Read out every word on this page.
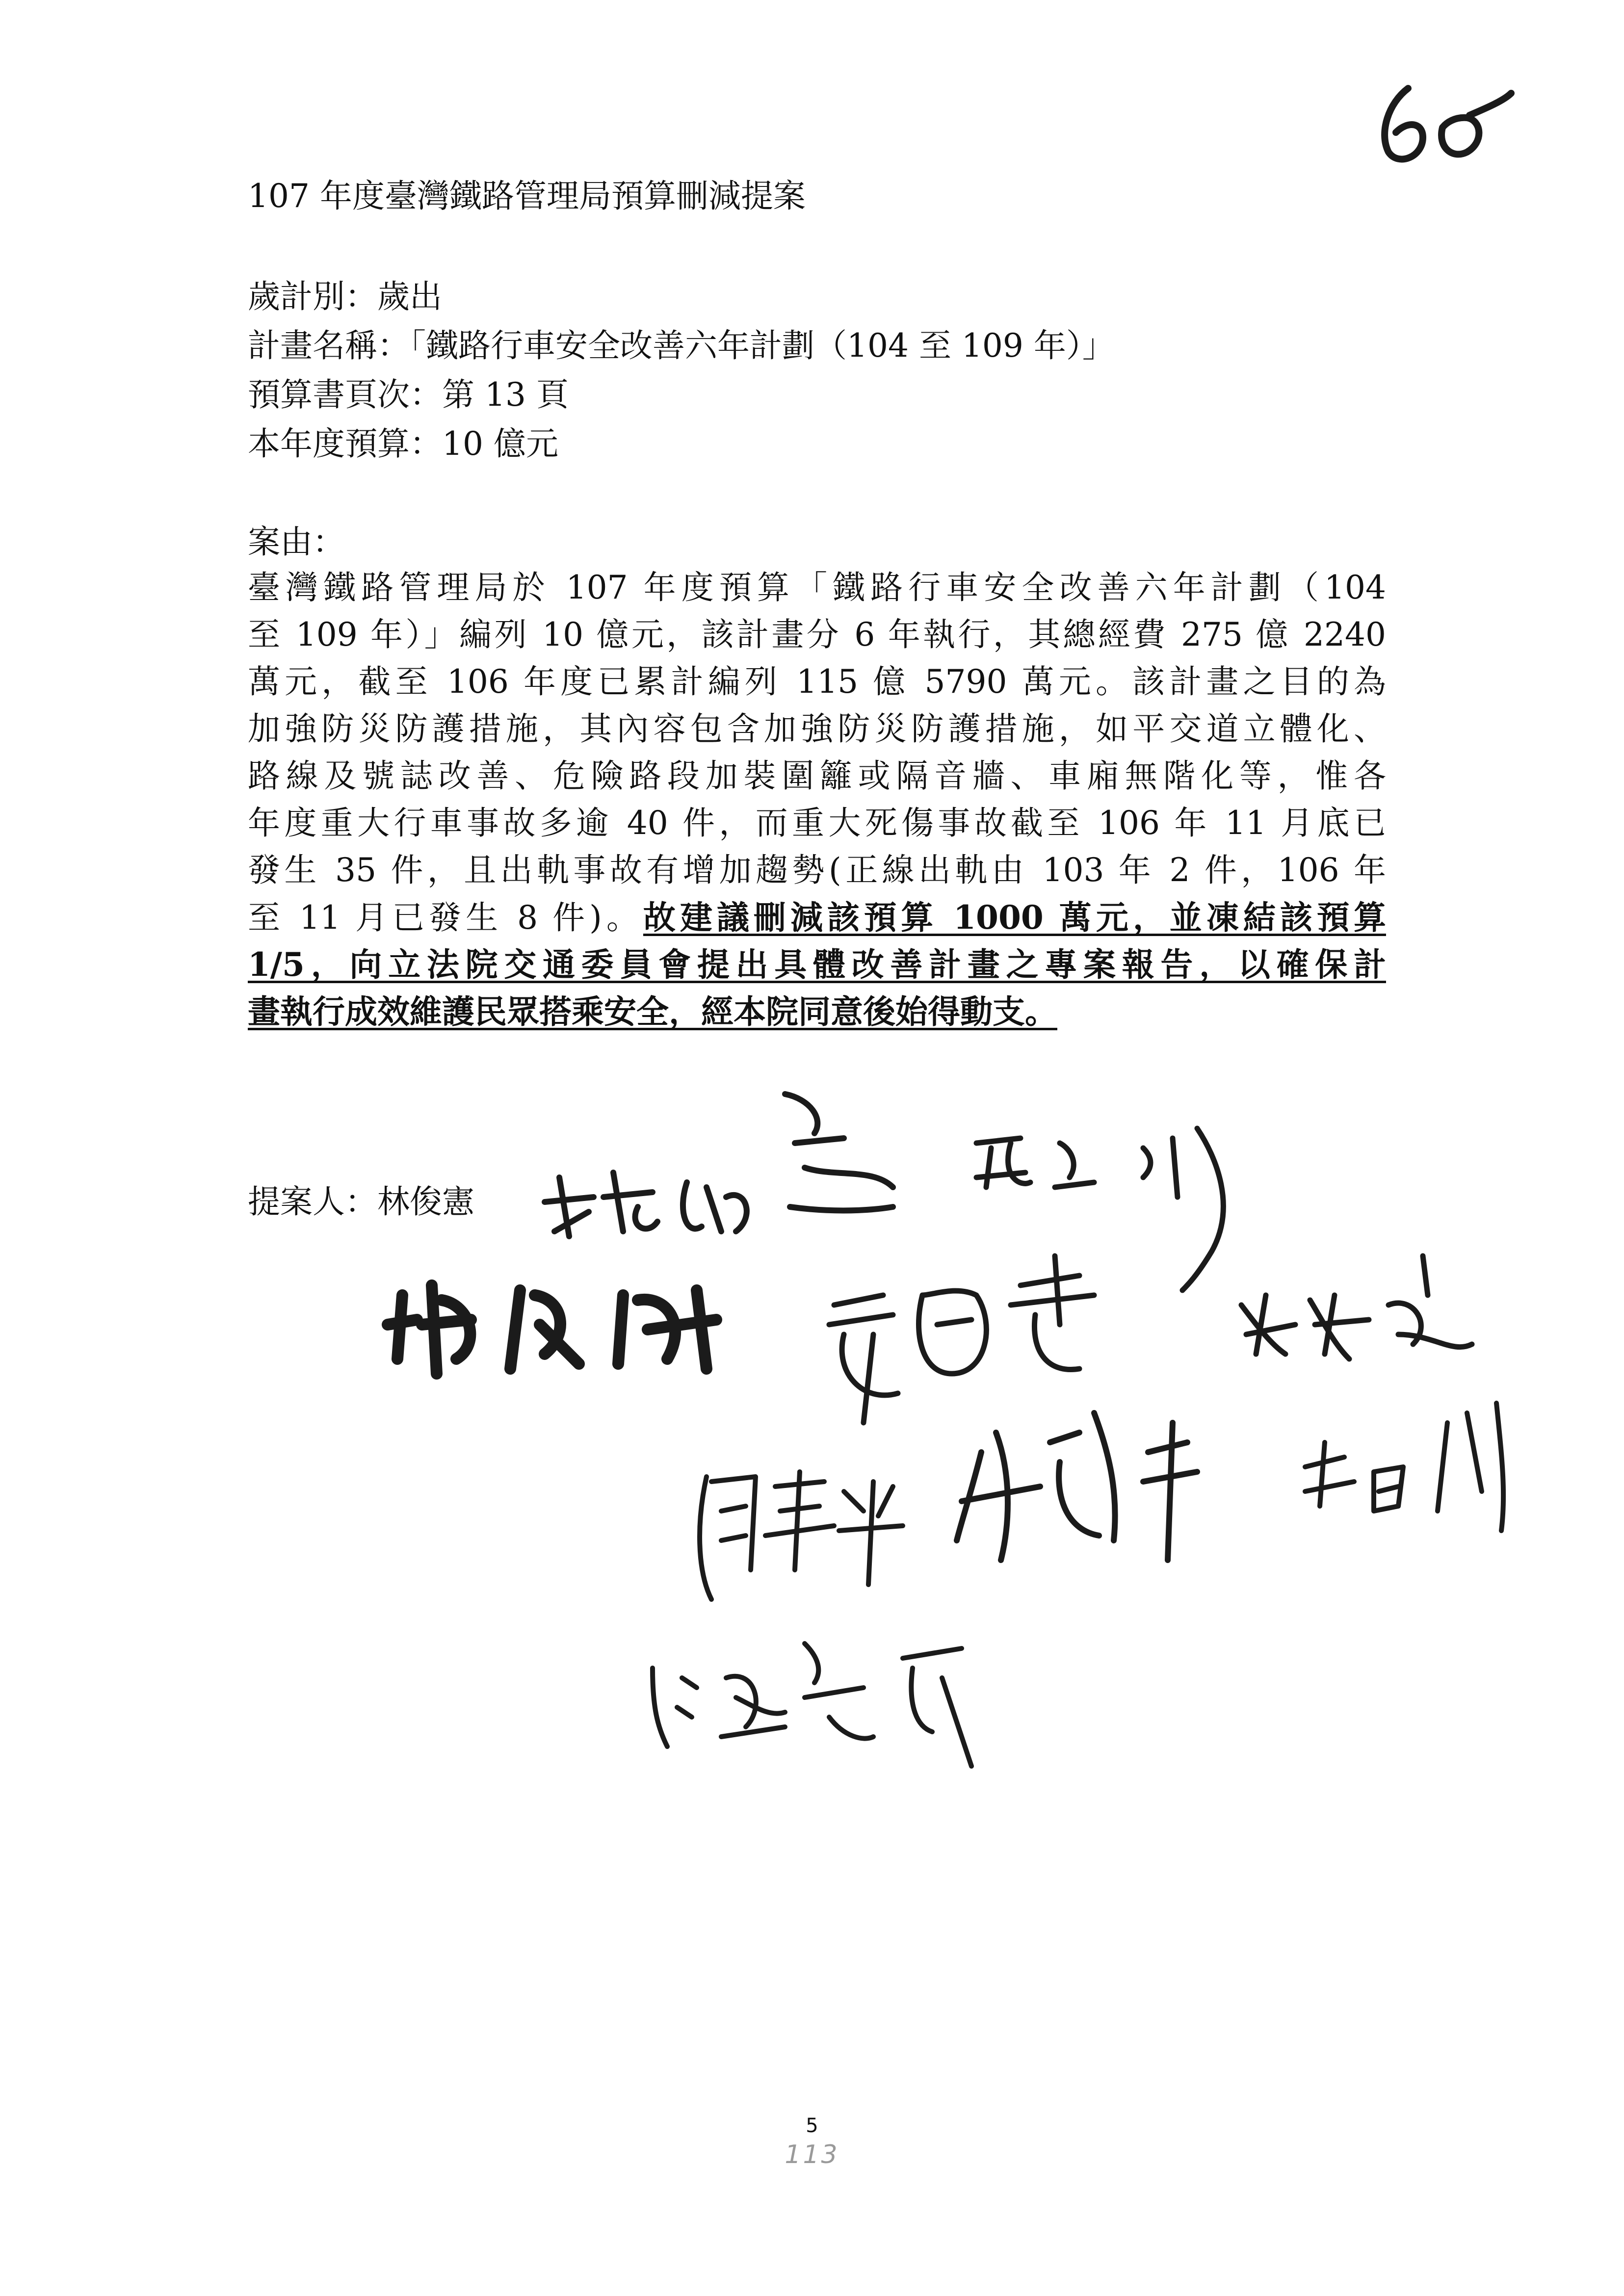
107 年度臺灣鐵路管理局預算刪減提案
歲計別：歲出
計畫名稱：「鐵路行車安全改善六年計劃（104 至 109 年）」
預算書頁次：第 13 頁
本年度預算：10 億元
案由：
臺灣鐵路管理局於 107 年度預算「鐵路行車安全改善六年計劃（104
至 109 年）」編列 10 億元，該計畫分 6 年執行，其總經費 275 億 2240
萬元，截至 106 年度已累計編列 115 億 5790 萬元。該計畫之目的為
加強防災防護措施，其內容包含加強防災防護措施，如平交道立體化、
路線及號誌改善、危險路段加裝圍籬或隔音牆、車廂無階化等，惟各
年度重大行車事故多逾 40 件，而重大死傷事故截至 106 年 11 月底已
發生 35 件，且出軌事故有增加趨勢(正線出軌由 103 年 2 件，106 年
至 11 月已發生 8 件)。故建議刪減該預算 1000 萬元，並凍結該預算
1/5，向立法院交通委員會提出具體改善計畫之專案報告，以確保計
畫執行成效維護民眾搭乘安全，經本院同意後始得動支。
提案人：林俊憲
5
113
